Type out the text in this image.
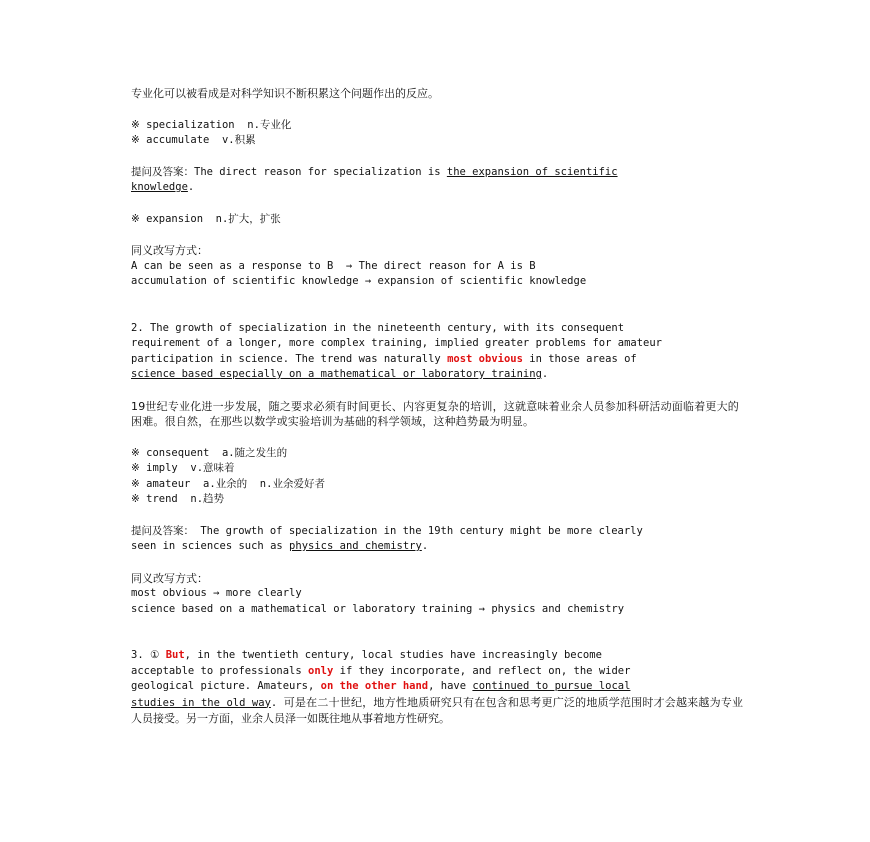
专业化可以被看成是对科学知识不断积累这个问题作出的反应。
※ specialization  n.专业化
※ accumulate  v.积累
提问及答案：The direct reason for specialization is the expansion of scientific
knowledge.
※ expansion  n.扩大，扩张
同义改写方式：
A can be seen as a response to B  → The direct reason for A is B
accumulation of scientific knowledge → expansion of scientific knowledge
2. The growth of specialization in the nineteenth century, with its consequent
requirement of a longer, more complex training, implied greater problems for amateur
participation in science. The trend was naturally most obvious in those areas of
science based especially on a mathematical or laboratory training.
19世纪专业化进一步发展，随之要求必须有时间更长、内容更复杂的培训，这就意味着业余人员参加科研活动面临着更大的困难。很自然，在那些以数学或实验培训为基础的科学领域，这种趋势最为明显。
※ consequent  a.随之发生的
※ imply  v.意味着
※ amateur  a.业余的  n.业余爱好者
※ trend  n.趋势
提问及答案： The growth of specialization in the 19th century might be more clearly
seen in sciences such as physics and chemistry.
同义改写方式：
most obvious → more clearly
science based on a mathematical or laboratory training → physics and chemistry
3. ① But, in the twentieth century, local studies have increasingly become
acceptable to professionals only if they incorporate, and reflect on, the wider
geological picture. Amateurs, on the other hand, have continued to pursue local
studies in the old way. 可是在二十世纪，地方性地质研究只有在包含和思考更广泛的地质学范围时才会越来越为专业人员接受。另一方面，业余人员泽一如既往地从事着地方性研究。
